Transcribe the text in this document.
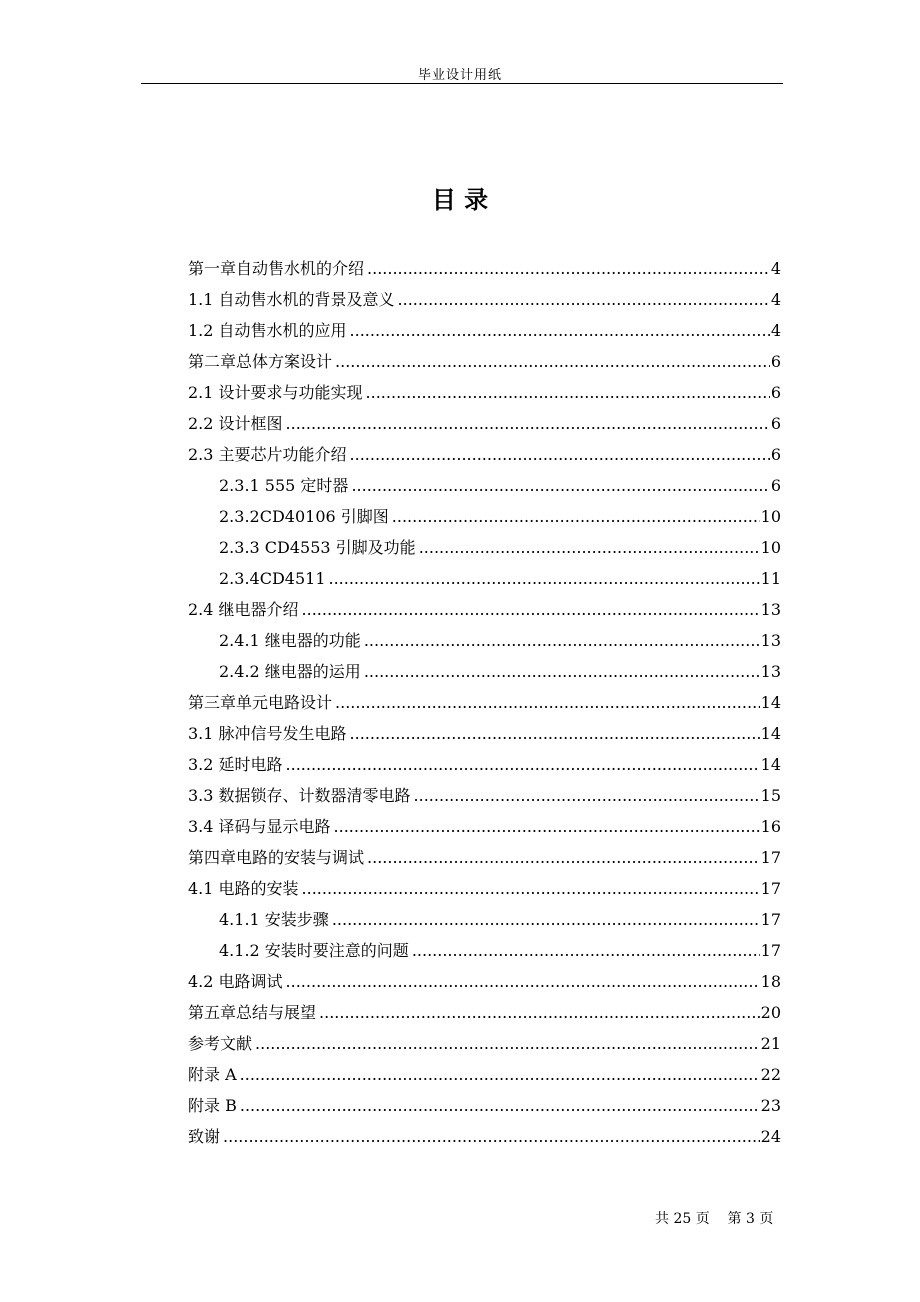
毕业设计用纸
目 录
第一章自动售水机的介绍 .....	4
1.1 自动售水机的背景及意义 .....	4
1.2 自动售水机的应用 .....	4
第二章总体方案设计 .....	6
2.1 设计要求与功能实现 .....	6
2.2 设计框图 .....	6
2.3 主要芯片功能介绍 .....	6
2.3.1 555 定时器 .....	6
2.3.2CD40106 引脚图 .....	10
2.3.3 CD4553 引脚及功能 .....	10
2.3.4CD4511 .....	11
2.4 继电器介绍 .....	13
2.4.1 继电器的功能 .....	13
2.4.2 继电器的运用 .....	13
第三章单元电路设计 .....	14
3.1 脉冲信号发生电路 .....	14
3.2 延时电路 .....	14
3.3 数据锁存、计数器清零电路 .....	15
3.4 译码与显示电路 .....	16
第四章电路的安装与调试 .....	17
4.1 电路的安装 .....	17
4.1.1 安装步骤 .....	17
4.1.2 安装时要注意的问题 .....	17
4.2 电路调试 .....	18
第五章总结与展望 .....	20
参考文献 .....	21
附录 A .....	22
附录 B .....	23
致谢 .....	24
共 25 页    第 3 页
